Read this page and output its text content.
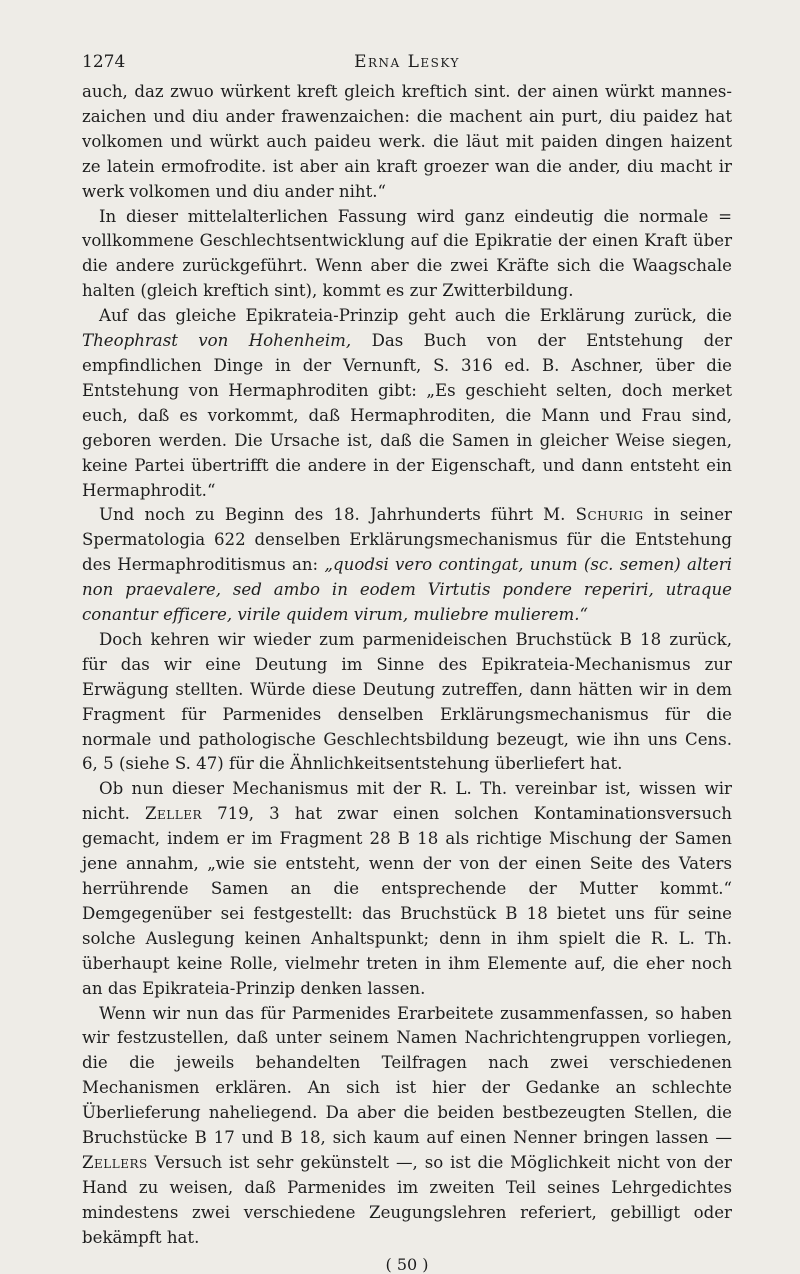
1274	Erna Lesky

auch, daz zwuo würkent kreft gleich kreftich sint. der ainen würkt manneszaichen und diu ander frawenzaichen: die machent ain purt, diu paidez hat volkomen und würkt auch paideu werk. die läut mit paiden dingen haizent ze latein ermofrodite. ist aber ain kraft groezer wan die ander, diu macht ir werk volkomen und diu ander niht.“

In dieser mittelalterlichen Fassung wird ganz eindeutig die normale = vollkommene Geschlechtsentwicklung auf die Epikratie der einen Kraft über die andere zurückgeführt. Wenn aber die zwei Kräfte sich die Waagschale halten (gleich kreftich sint), kommt es zur Zwitterbildung.

Auf das gleiche Epikrateia-Prinzip geht auch die Erklärung zurück, die Theophrast von Hohenheim, Das Buch von der Entstehung der empfindlichen Dinge in der Vernunft, S. 316 ed. B. Aschner, über die Entstehung von Hermaphroditen gibt: „Es geschieht selten, doch merket euch, daß es vorkommt, daß Hermaphroditen, die Mann und Frau sind, geboren werden. Die Ursache ist, daß die Samen in gleicher Weise siegen, keine Partei übertrifft die andere in der Eigenschaft, und dann entsteht ein Hermaphrodit.“

Und noch zu Beginn des 18. Jahrhunderts führt M. Schurig in seiner Spermatologia 622 denselben Erklärungsmechanismus für die Entstehung des Hermaphroditismus an: „quodsi vero contingat, unum (sc. semen) alteri non praevalere, sed ambo in eodem Virtutis pondere reperiri, utraque conantur efficere, virile quidem virum, muliebre mulierem.“

Doch kehren wir wieder zum parmenideischen Bruchstück B 18 zurück, für das wir eine Deutung im Sinne des Epikrateia-Mechanismus zur Erwägung stellten. Würde diese Deutung zutreffen, dann hätten wir in dem Fragment für Parmenides denselben Erklärungsmechanismus für die normale und pathologische Geschlechtsbildung bezeugt, wie ihn uns Cens. 6, 5 (siehe S. 47) für die Ähnlichkeitsentstehung überliefert hat.

Ob nun dieser Mechanismus mit der R. L. Th. vereinbar ist, wissen wir nicht. Zeller 719, 3 hat zwar einen solchen Kontaminationsversuch gemacht, indem er im Fragment 28 B 18 als richtige Mischung der Samen jene annahm, „wie sie entsteht, wenn der von der einen Seite des Vaters herrührende Samen an die entsprechende der Mutter kommt.“ Demgegenüber sei festgestellt: das Bruchstück B 18 bietet uns für seine solche Auslegung keinen Anhaltspunkt; denn in ihm spielt die R. L. Th. überhaupt keine Rolle, vielmehr treten in ihm Elemente auf, die eher noch an das Epikrateia-Prinzip denken lassen.

Wenn wir nun das für Parmenides Erarbeitete zusammenfassen, so haben wir festzustellen, daß unter seinem Namen Nachrichtengruppen vorliegen, die die jeweils behandelten Teilfragen nach zwei verschiedenen Mechanismen erklären. An sich ist hier der Gedanke an schlechte Überlieferung naheliegend. Da aber die beiden bestbezeugten Stellen, die Bruchstücke B 17 und B 18, sich kaum auf einen Nenner bringen lassen — Zellers Versuch ist sehr gekünstelt —, so ist die Möglichkeit nicht von der Hand zu weisen, daß Parmenides im zweiten Teil seines Lehrgedichtes mindestens zwei verschiedene Zeugungslehren referiert, gebilligt oder bekämpft hat.

( 50 )
